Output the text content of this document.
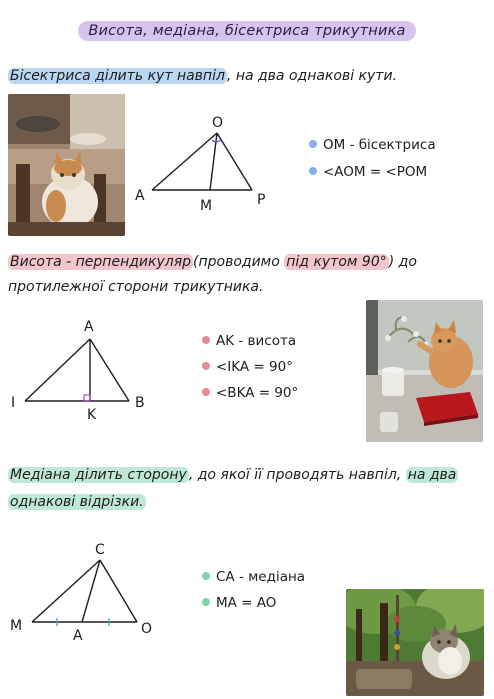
Висота, медіана, бісектриса трикутника
Бісектриса ділить кут навпіл , на два однакові кути.
O
A
M	P
OM - бісектриса
<AOM = <POM
Висота - перпендикуляр (проводимо під кутом 90° ) до
протилежної сторони трикутника.
A
I
K
B
AK - висота
<IKA = 90°
<BKA = 90°
Медіана ділить сторону , до якої її проводять навпіл, на два
однакові відрізки.
C
M
A	O
CA - медіана
MA = AO
